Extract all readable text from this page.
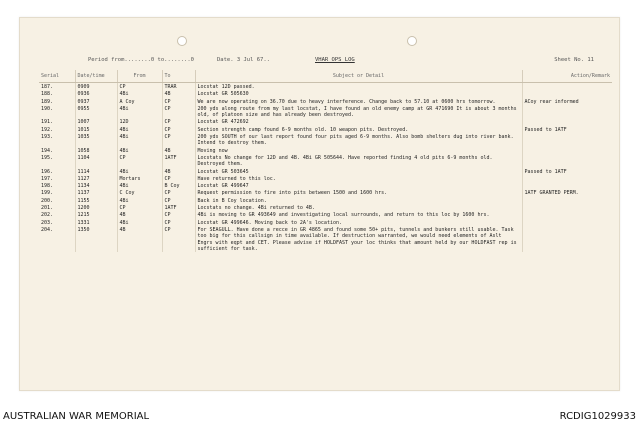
Period from........0 to........0	Date. 3 Jul 67..	VHAR OPS LOG	Sheet No. 11
Serial	Date/time	From	To	Subject or Detail	Action/Remark
187.	0909	CP	TRAR	Locstat 12D passed.	
188.	0936	4Bi	4B	Locstat GR 505630	
189.	0937	A Coy	CP	We are now operating on 36.70 due to heavy interference. Change back to 57.10 at 0600 hrs tomorrow.	ACoy rear informed
190.	0955	4Bi	CP	200 yds along route from my last locstat, I have found an old enemy camp at GR 471690 It is about 3 months old, of platoon size and has already been destroyed.	
191.	1007	12D	CP	Locstat GR 472692	
192.	1015	4Bi	CP	Section strength camp found 6-9 months old. 10 weapon pits. Destroyed.	Passed to 1ATF
193.	1035	4Bi	CP	200 yds SOUTH of our last report found four pits aged 6-9 months. Also bomb shelters dug into river bank. Intend to destroy them.	
194.	1058	4Bi	4B	Moving now	
195.	1104	CP	1ATF	Locstats No change for 12D and 4B. 4Bi GR 505644. Have reported finding 4 old pits 6-9 months old. Destroyed them.	
196.	1114	4Bi	4B	Locstat GR 503645	Passed to 1ATF
197.	1127	Mortars	CP	Have returned to this loc.	
198.	1134	4Bi	B Coy	Locstat GR 499647	
199.	1137	C Coy	CP	Request permission to fire into pits between 1500 and 1600 hrs.	1ATF GRANTED PERM.
200.	1155	4Bi	CP	Back in B Coy location.	
201.	1200	CP	1ATF	Locstats no change. 4Bi returned to 4B.	
202.	1215	4B	CP	4Bi is moving to GR 493649 and investigating local surrounds, and return to this loc by 1600 hrs.	
203.	1331	4Bi	CP	Locstat GR 499646. Moving back to 2A's location.	
204.	1350	4B	CP	For SEAGULL. Have done a recce in GR 4865 and found some 50+ pits, tunnels and bunkers still usable. Task too big for this callsign in time available. If destruction warranted, we would need elements of Aslt Engrs with eqpt and CET. Please advise if HOLDFAST your loc thinks that amount held by our HOLDFAST rep is sufficient for task.	
AUSTRALIAN WAR MEMORIAL	RCDIG1029933
